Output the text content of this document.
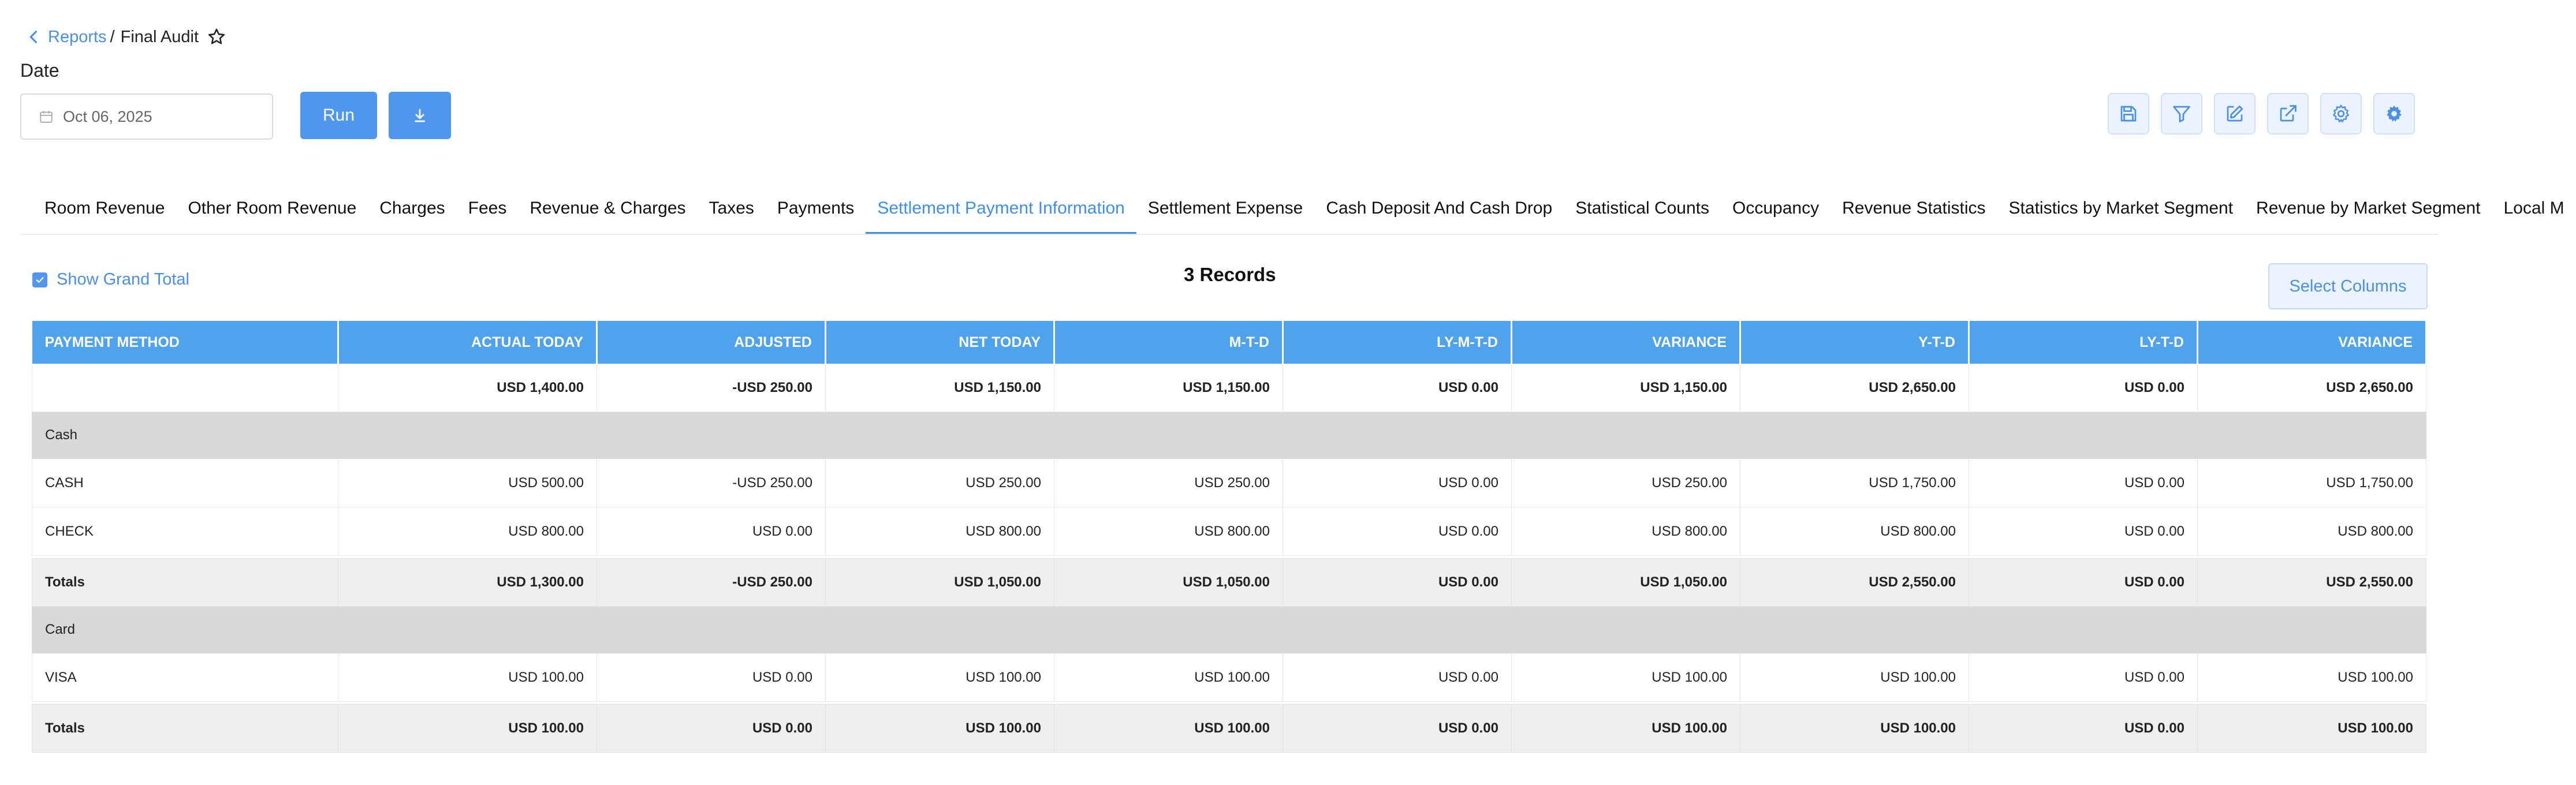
Reports / Final Audit
Date
Oct 06, 2025	Run
Room Revenue	Other Room Revenue	Charges	Fees	Revenue & Charges	Taxes	Payments	Settlement Payment Information	Settlement Expense	Cash Deposit And Cash Drop	Statistical Counts	Occupancy	Revenue Statistics	Statistics by Market Segment	Revenue by Market Segment	Local M
Show Grand Total	3 Records
Select Columns
PAYMENT METHOD	ACTUAL TODAY	ADJUSTED	NET TODAY	M-T-D	LY-M-T-D	VARIANCE	Y-T-D	LY-T-D	VARIANCE
	USD 1,400.00	-USD 250.00	USD 1,150.00	USD 1,150.00	USD 0.00	USD 1,150.00	USD 2,650.00	USD 0.00	USD 2,650.00
Cash									
CASH	USD 500.00	-USD 250.00	USD 250.00	USD 250.00	USD 0.00	USD 250.00	USD 1,750.00	USD 0.00	USD 1,750.00
CHECK	USD 800.00	USD 0.00	USD 800.00	USD 800.00	USD 0.00	USD 800.00	USD 800.00	USD 0.00	USD 800.00

Totals	USD 1,300.00	-USD 250.00	USD 1,050.00	USD 1,050.00	USD 0.00	USD 1,050.00	USD 2,550.00	USD 0.00	USD 2,550.00
Card									
VISA	USD 100.00	USD 0.00	USD 100.00	USD 100.00	USD 0.00	USD 100.00	USD 100.00	USD 0.00	USD 100.00

Totals	USD 100.00	USD 0.00	USD 100.00	USD 100.00	USD 0.00	USD 100.00	USD 100.00	USD 0.00	USD 100.00
